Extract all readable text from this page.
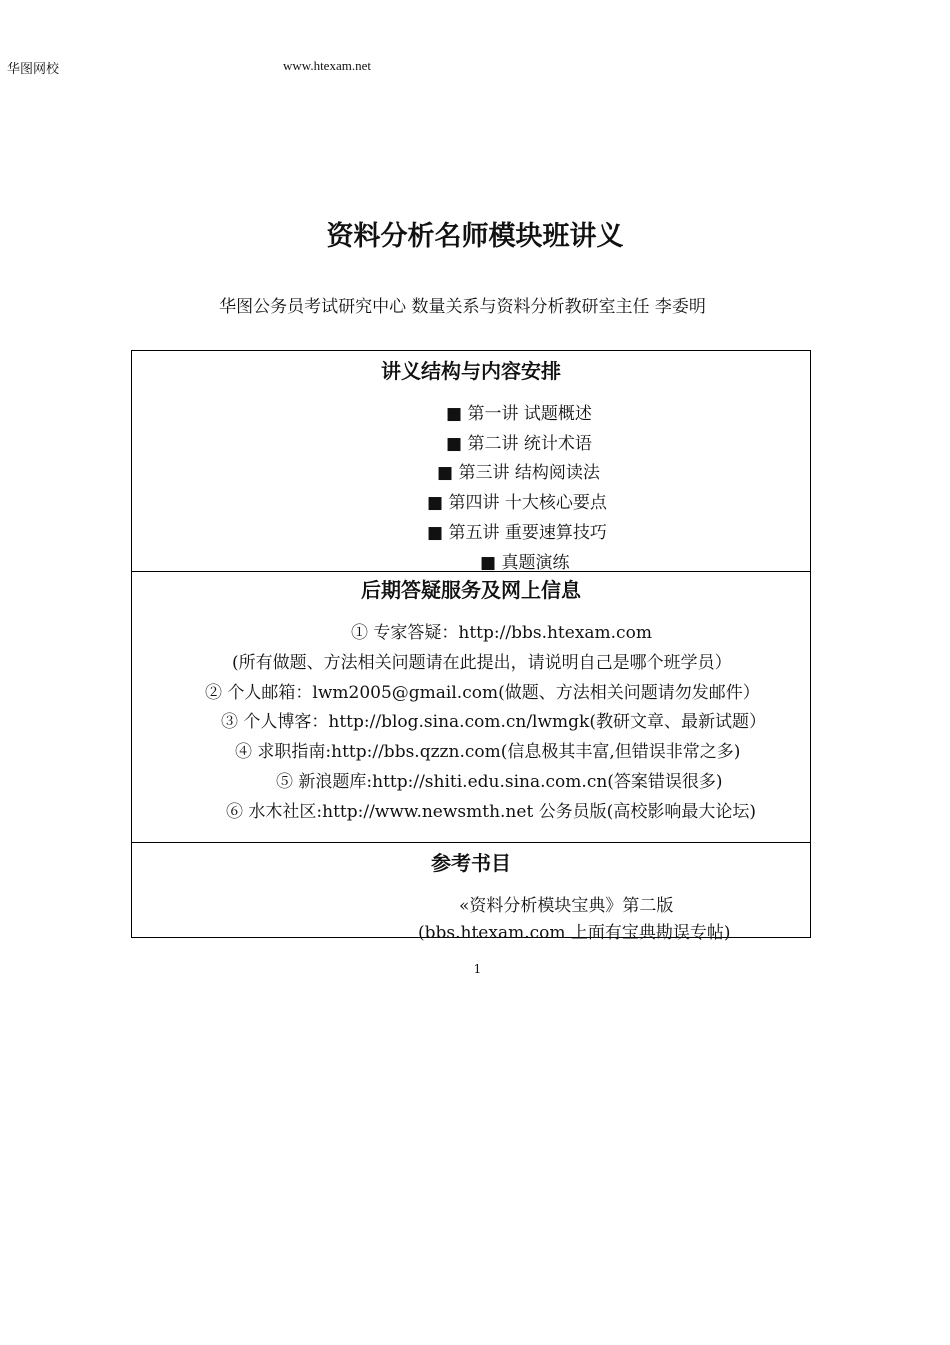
华图网校	www.htexam.net
资料分析名师模块班讲义
华图公务员考试研究中心 数量关系与资料分析教研室主任 李委明
讲义结构与内容安排
■ 第一讲 试题概述
■ 第二讲 统计术语
■ 第三讲 结构阅读法
■ 第四讲 十大核心要点
■ 第五讲 重要速算技巧
■ 真题演练
后期答疑服务及网上信息
① 专家答疑：http://bbs.htexam.com
(所有做题、方法相关问题请在此提出，请说明自己是哪个班学员）
② 个人邮箱：lwm2005@gmail.com(做题、方法相关问题请勿发邮件）
③ 个人博客：http://blog.sina.com.cn/lwmgk(教研文章、最新试题）
④ 求职指南:http://bbs.qzzn.com(信息极其丰富,但错误非常之多)
⑤ 新浪题库:http://shiti.edu.sina.com.cn(答案错误很多)
⑥ 水木社区:http://www.newsmth.net 公务员版(高校影响最大论坛)
参考书目
«资料分析模块宝典》第二版
(bbs.htexam.com 上面有宝典勘误专帖)
1
